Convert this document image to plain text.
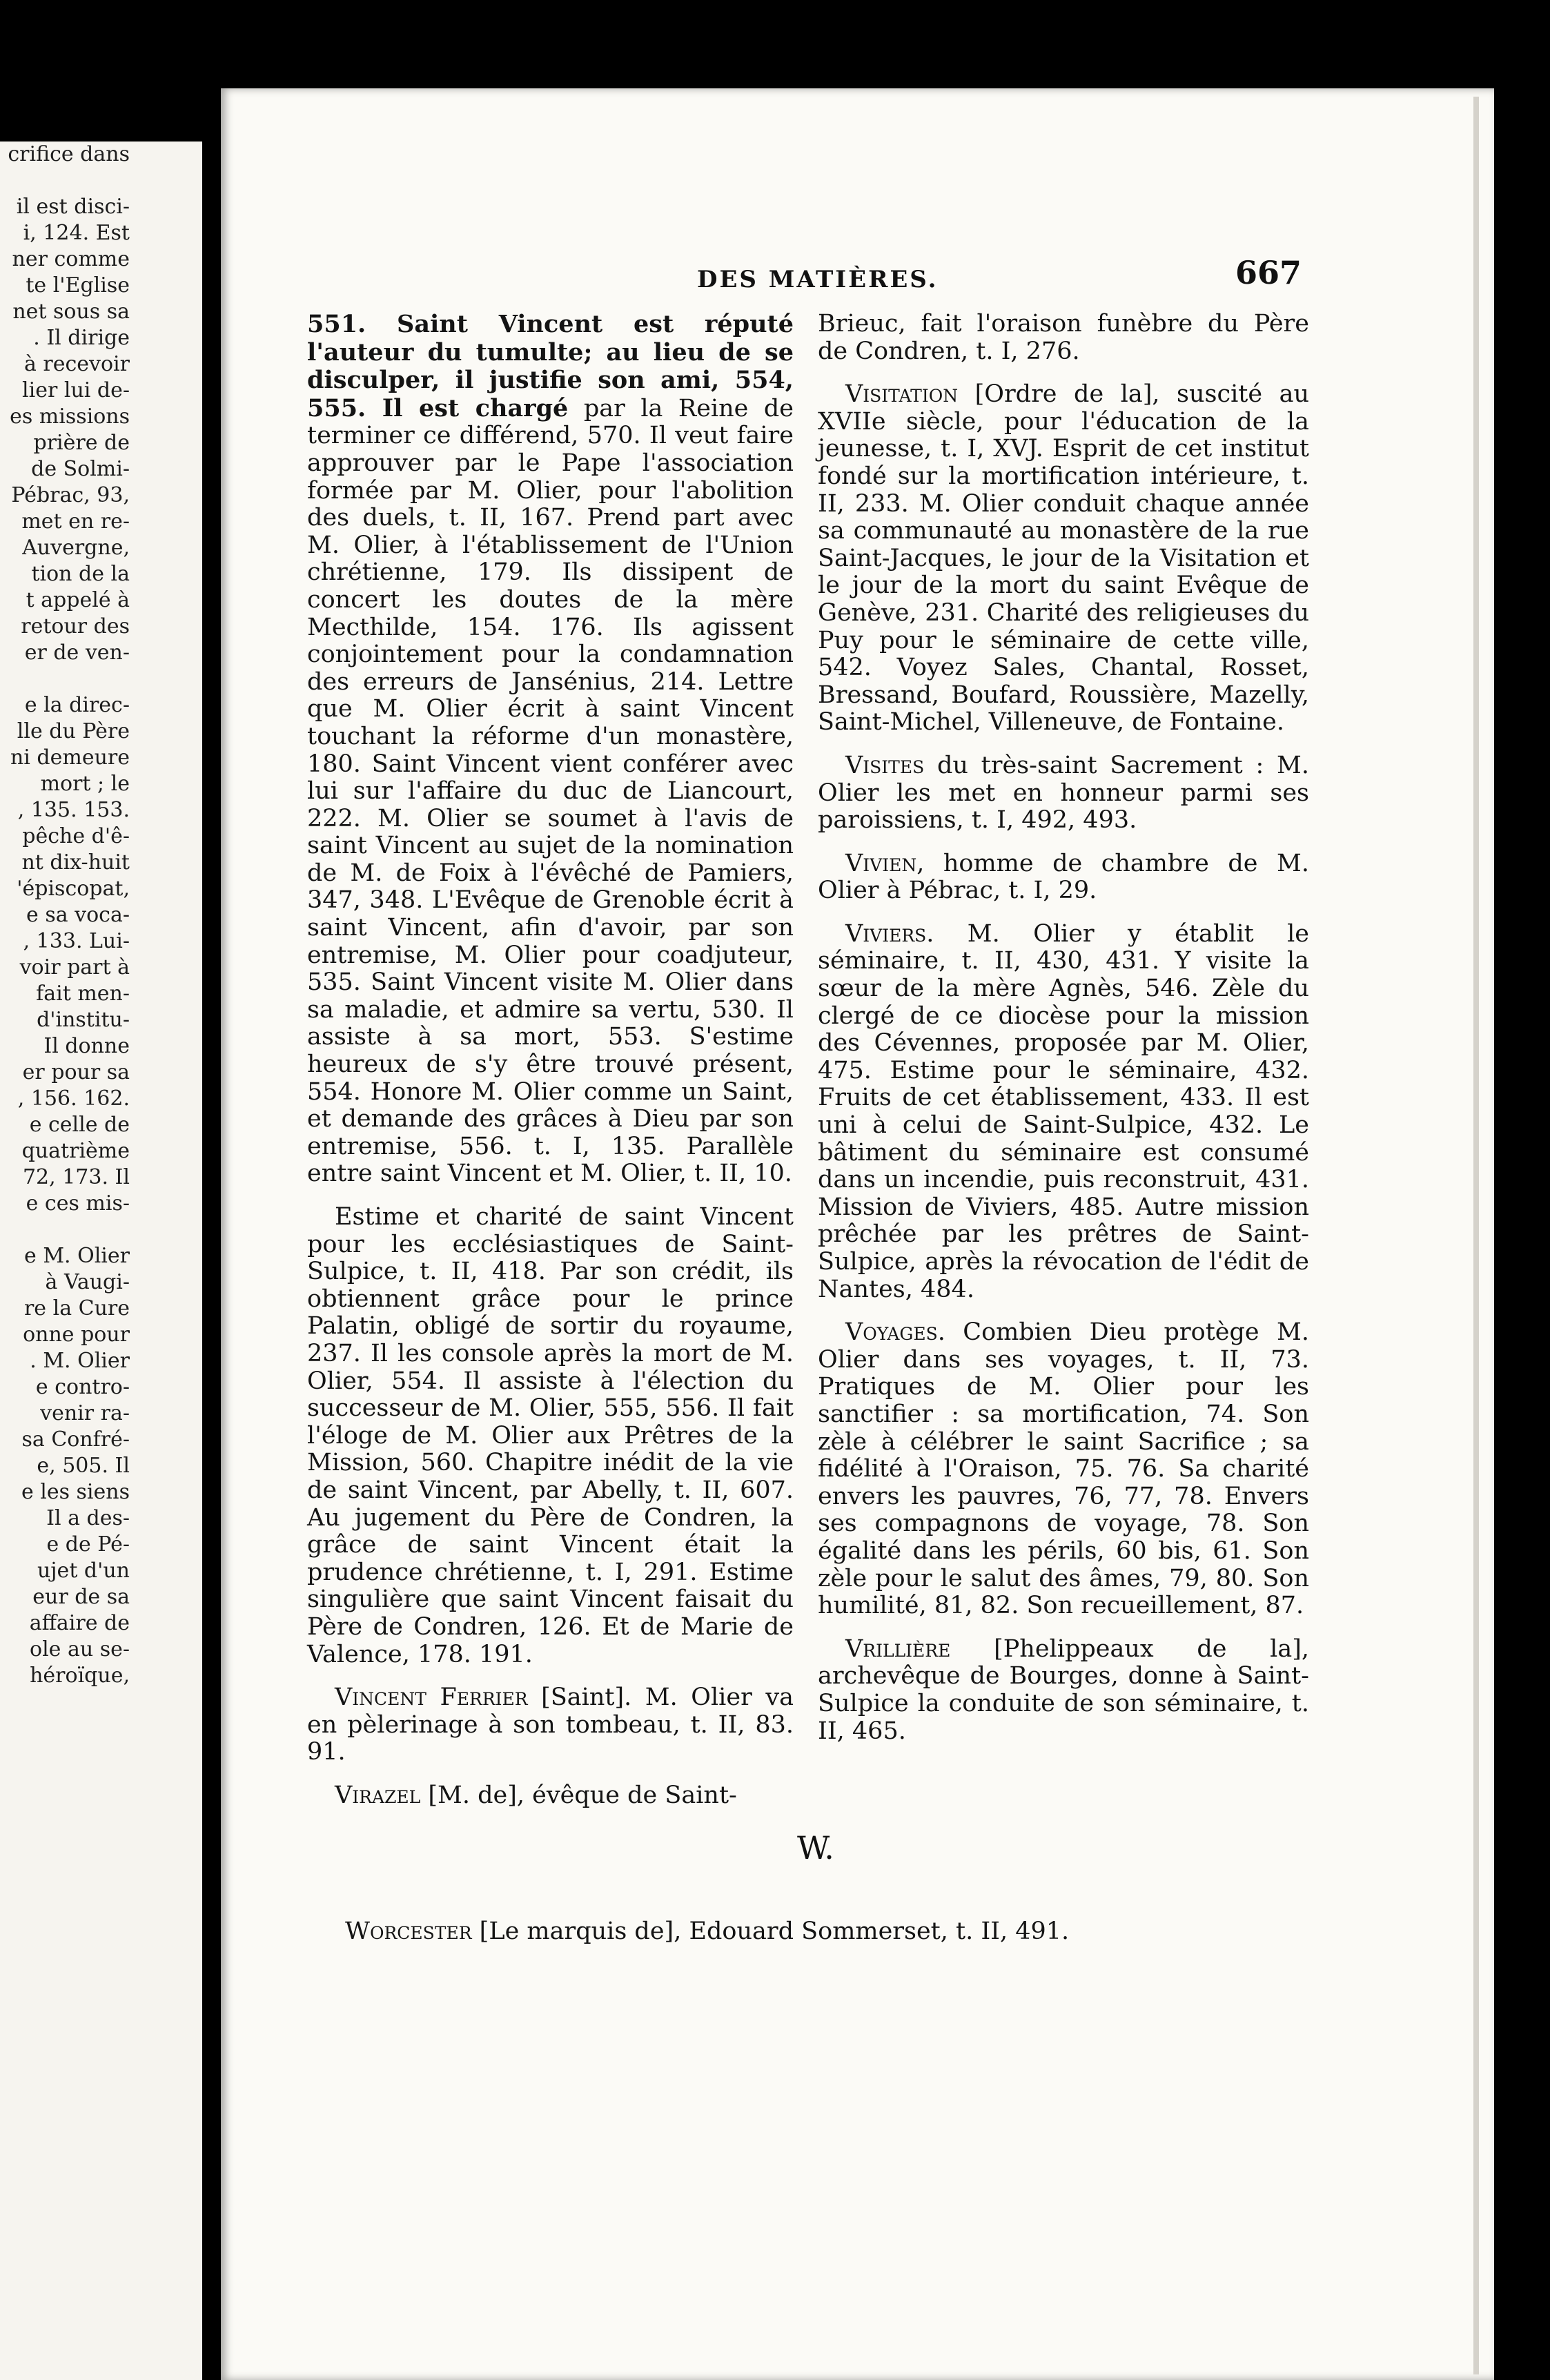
crifice dans

il est disci-
i, 124. Est
ner comme
te l'Eglise
net sous sa
. Il dirige
à recevoir
lier lui de-
es missions
prière de
de Solmi-
Pébrac, 93,
met en re-
Auvergne,
tion de la
t appelé à
retour des
er de ven-

e la direc-
lle du Père
ni demeure
mort ; le
, 135. 153.
pêche d'ê-
nt dix-huit
'épiscopat,
e sa voca-
, 133. Lui-
voir part à
fait men-
d'institu-
Il donne
er pour sa
, 156. 162.
e celle de
quatrième
72, 173. Il
e ces mis-

e M. Olier
à Vaugi-
re la Cure
onne pour
. M. Olier
e contro-
venir ra-
sa Confré-
e, 505. Il
e les siens
Il a des-
e de Pé-
ujet d'un
eur de sa
affaire de
ole au se-
héroïque,
DES MATIÈRES.	667

551. Saint Vincent est réputé l'auteur du tumulte; au lieu de se disculper, il justifie son ami, 554, 555. Il est chargé par la Reine de terminer ce différend, 570. Il veut faire approuver par le Pape l'association formée par M. Olier, pour l'abolition des duels, t. II, 167. Prend part avec M. Olier, à l'établissement de l'Union chrétienne, 179. Ils dissipent de concert les doutes de la mère Mecthilde, 154. 176. Ils agissent conjointement pour la condamnation des erreurs de Jansénius, 214. Lettre que M. Olier écrit à saint Vincent touchant la réforme d'un monastère, 180. Saint Vincent vient conférer avec lui sur l'affaire du duc de Liancourt, 222. M. Olier se soumet à l'avis de saint Vincent au sujet de la nomination de M. de Foix à l'évêché de Pamiers, 347, 348. L'Evêque de Grenoble écrit à saint Vincent, afin d'avoir, par son entremise, M. Olier pour coadjuteur, 535. Saint Vincent visite M. Olier dans sa maladie, et admire sa vertu, 530. Il assiste à sa mort, 553. S'estime heureux de s'y être trouvé présent, 554. Honore M. Olier comme un Saint, et demande des grâces à Dieu par son entremise, 556. t. I, 135. Parallèle entre saint Vincent et M. Olier, t. II, 10.

Estime et charité de saint Vincent pour les ecclésiastiques de Saint-Sulpice, t. II, 418. Par son crédit, ils obtiennent grâce pour le prince Palatin, obligé de sortir du royaume, 237. Il les console après la mort de M. Olier, 554. Il assiste à l'élection du successeur de M. Olier, 555, 556. Il fait l'éloge de M. Olier aux Prêtres de la Mission, 560. Chapitre inédit de la vie de saint Vincent, par Abelly, t. II, 607. Au jugement du Père de Condren, la grâce de saint Vincent était la prudence chrétienne, t. I, 291. Estime singulière que saint Vincent faisait du Père de Condren, 126. Et de Marie de Valence, 178. 191.

Vincent Ferrier [Saint]. M. Olier va en pèlerinage à son tombeau, t. II, 83. 91.

Virazel [M. de], évêque de Saint-

Brieuc, fait l'oraison funèbre du Père de Condren, t. I, 276.

Visitation [Ordre de la], suscité au XVIIe siècle, pour l'éducation de la jeunesse, t. I, XVJ. Esprit de cet institut fondé sur la mortification intérieure, t. II, 233. M. Olier conduit chaque année sa communauté au monastère de la rue Saint-Jacques, le jour de la Visitation et le jour de la mort du saint Evêque de Genève, 231. Charité des religieuses du Puy pour le séminaire de cette ville, 542. Voyez Sales, Chantal, Rosset, Bressand, Boufard, Roussière, Mazelly, Saint-Michel, Villeneuve, de Fontaine.

Visites du très-saint Sacrement : M. Olier les met en honneur parmi ses paroissiens, t. I, 492, 493.

Vivien, homme de chambre de M. Olier à Pébrac, t. I, 29.

Viviers. M. Olier y établit le séminaire, t. II, 430, 431. Y visite la sœur de la mère Agnès, 546. Zèle du clergé de ce diocèse pour la mission des Cévennes, proposée par M. Olier, 475. Estime pour le séminaire, 432. Fruits de cet établissement, 433. Il est uni à celui de Saint-Sulpice, 432. Le bâtiment du séminaire est consumé dans un incendie, puis reconstruit, 431. Mission de Viviers, 485. Autre mission prêchée par les prêtres de Saint-Sulpice, après la révocation de l'édit de Nantes, 484.

Voyages. Combien Dieu protège M. Olier dans ses voyages, t. II, 73. Pratiques de M. Olier pour les sanctifier : sa mortification, 74. Son zèle à célébrer le saint Sacrifice ; sa fidélité à l'Oraison, 75. 76. Sa charité envers les pauvres, 76, 77, 78. Envers ses compagnons de voyage, 78. Son égalité dans les périls, 60 bis, 61. Son zèle pour le salut des âmes, 79, 80. Son humilité, 81, 82. Son recueillement, 87.

Vrillière [Phelippeaux de la], archevêque de Bourges, donne à Saint-Sulpice la conduite de son séminaire, t. II, 465.

W.
Worcester [Le marquis de], Edouard Sommerset, t. II, 491.
